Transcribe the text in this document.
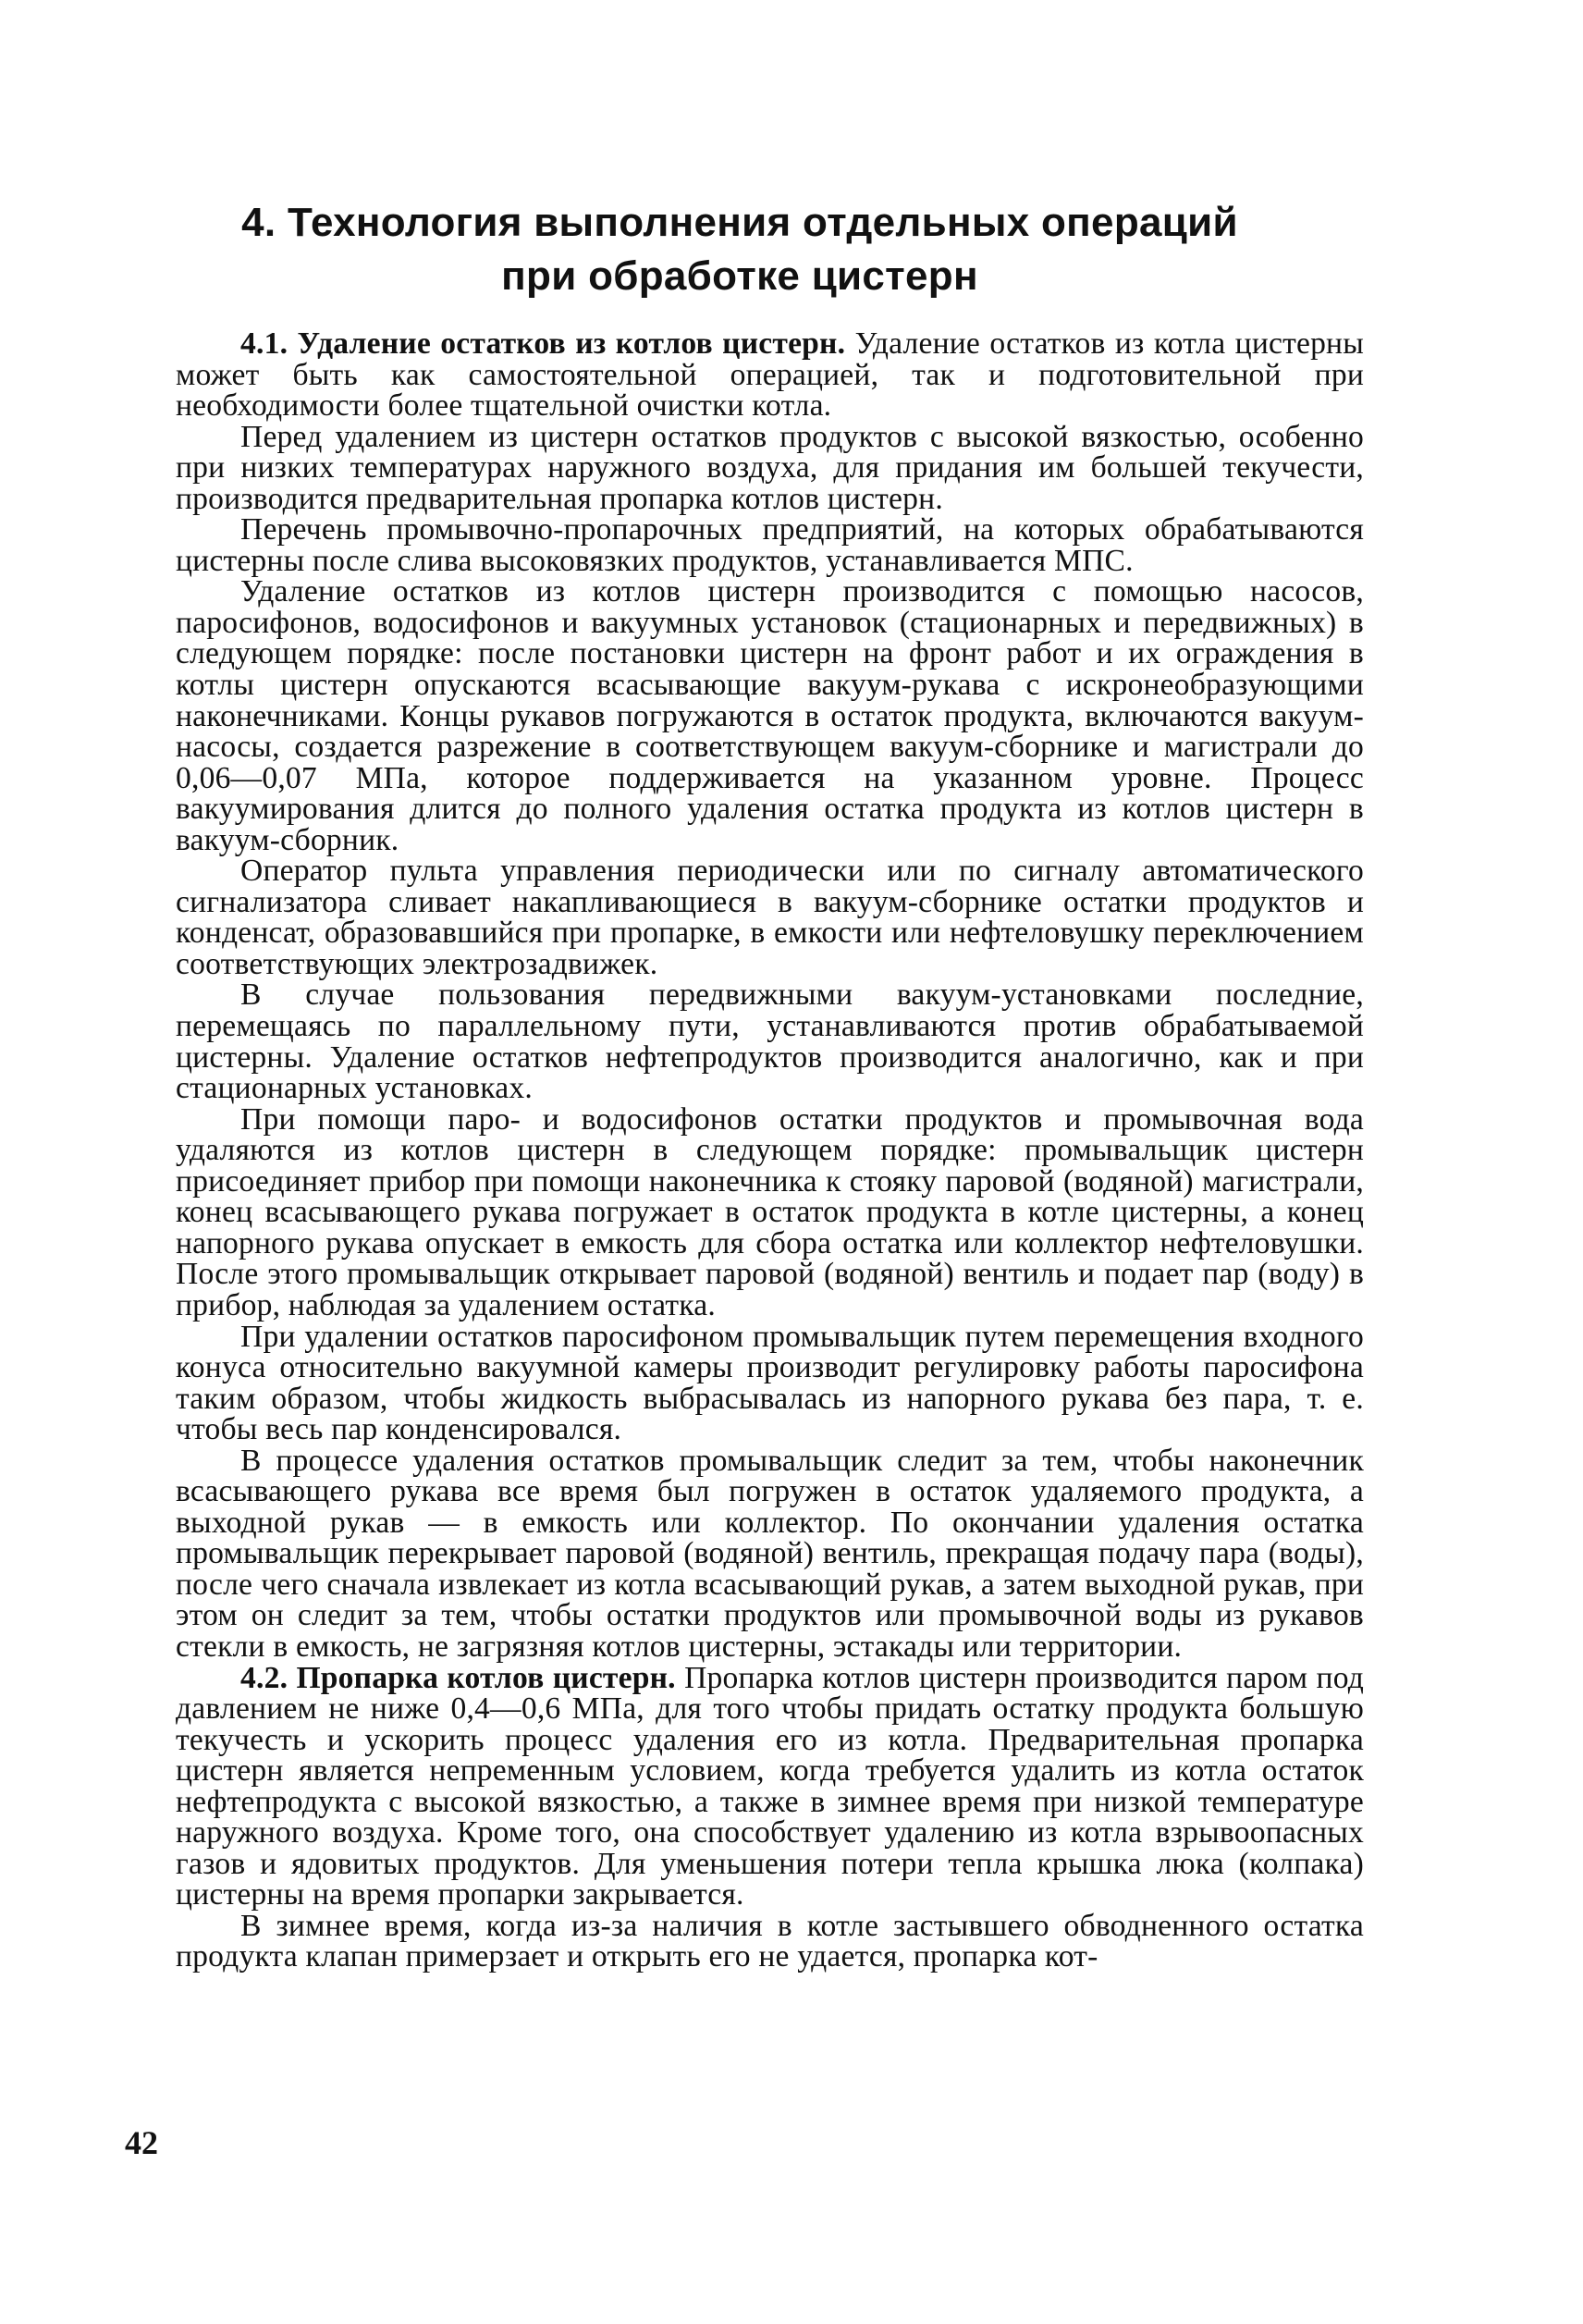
4. Технология выполнения отдельных операций
при обработке цистерн

4.1. Удаление остатков из котлов цистерн. Удаление остатков из котла цистерны может быть как самостоятельной операцией, так и подготовительной при необходимости более тщательной очистки котла.

Перед удалением из цистерн остатков продуктов с высокой вязкостью, особенно при низких температурах наружного воздуха, для придания им большей текучести, производится предварительная пропарка котлов цистерн.

Перечень промывочно-пропарочных предприятий, на которых обрабатываются цистерны после слива высоковязких продуктов, устанавливается МПС.

Удаление остатков из котлов цистерн производится с помощью насосов, паросифонов, водосифонов и вакуумных установок (стационарных и передвижных) в следующем порядке: после постановки цистерн на фронт работ и их ограждения в котлы цистерн опускаются всасывающие вакуум-рукава с искронеобразующими наконечниками. Концы рукавов погружаются в остаток продукта, включаются вакуум-насосы, создается разрежение в соответствующем вакуум-сборнике и магистрали до 0,06—0,07 МПа, которое поддерживается на указанном уровне. Процесс вакуумирования длится до полного удаления остатка продукта из котлов цистерн в вакуум-сборник.

Оператор пульта управления периодически или по сигналу автоматического сигнализатора сливает накапливающиеся в вакуум-сборнике остатки продуктов и конденсат, образовавшийся при пропарке, в емкости или нефтеловушку переключением соответствующих электрозадвижек.

В случае пользования передвижными вакуум-установками последние, перемещаясь по параллельному пути, устанавливаются против обрабатываемой цистерны. Удаление остатков нефтепродуктов производится аналогично, как и при стационарных установках.

При помощи паро- и водосифонов остатки продуктов и промывочная вода удаляются из котлов цистерн в следующем порядке: промывальщик цистерн присоединяет прибор при помощи наконечника к стояку паровой (водяной) магистрали, конец всасывающего рукава погружает в остаток продукта в котле цистерны, а конец напорного рукава опускает в емкость для сбора остатка или коллектор нефтеловушки. После этого промывальщик открывает паровой (водяной) вентиль и подает пар (воду) в прибор, наблюдая за удалением остатка.

При удалении остатков паросифоном промывальщик путем перемещения входного конуса относительно вакуумной камеры производит регулировку работы паросифона таким образом, чтобы жидкость выбрасывалась из напорного рукава без пара, т. е. чтобы весь пар конденсировался.

В процессе удаления остатков промывальщик следит за тем, чтобы наконечник всасывающего рукава все время был погружен в остаток удаляемого продукта, а выходной рукав — в емкость или коллектор. По окончании удаления остатка промывальщик перекрывает паровой (водяной) вентиль, прекращая подачу пара (воды), после чего сначала извлекает из котла всасывающий рукав, а затем выходной рукав, при этом он следит за тем, чтобы остатки продуктов или промывочной воды из рукавов стекли в емкость, не загрязняя котлов цистерны, эстакады или территории.

4.2. Пропарка котлов цистерн. Пропарка котлов цистерн производится паром под давлением не ниже 0,4—0,6 МПа, для того чтобы придать остатку продукта большую текучесть и ускорить процесс удаления его из котла. Предварительная пропарка цистерн является непременным условием, когда требуется удалить из котла остаток нефтепродукта с высокой вязкостью, а также в зимнее время при низкой температуре наружного воздуха. Кроме того, она способствует удалению из котла взрывоопасных газов и ядовитых продуктов. Для уменьшения потери тепла крышка люка (колпака) цистерны на время пропарки закрывается.

В зимнее время, когда из-за наличия в котле застывшего обводненного остатка продукта клапан примерзает и открыть его не удается, пропарка кот-

42
